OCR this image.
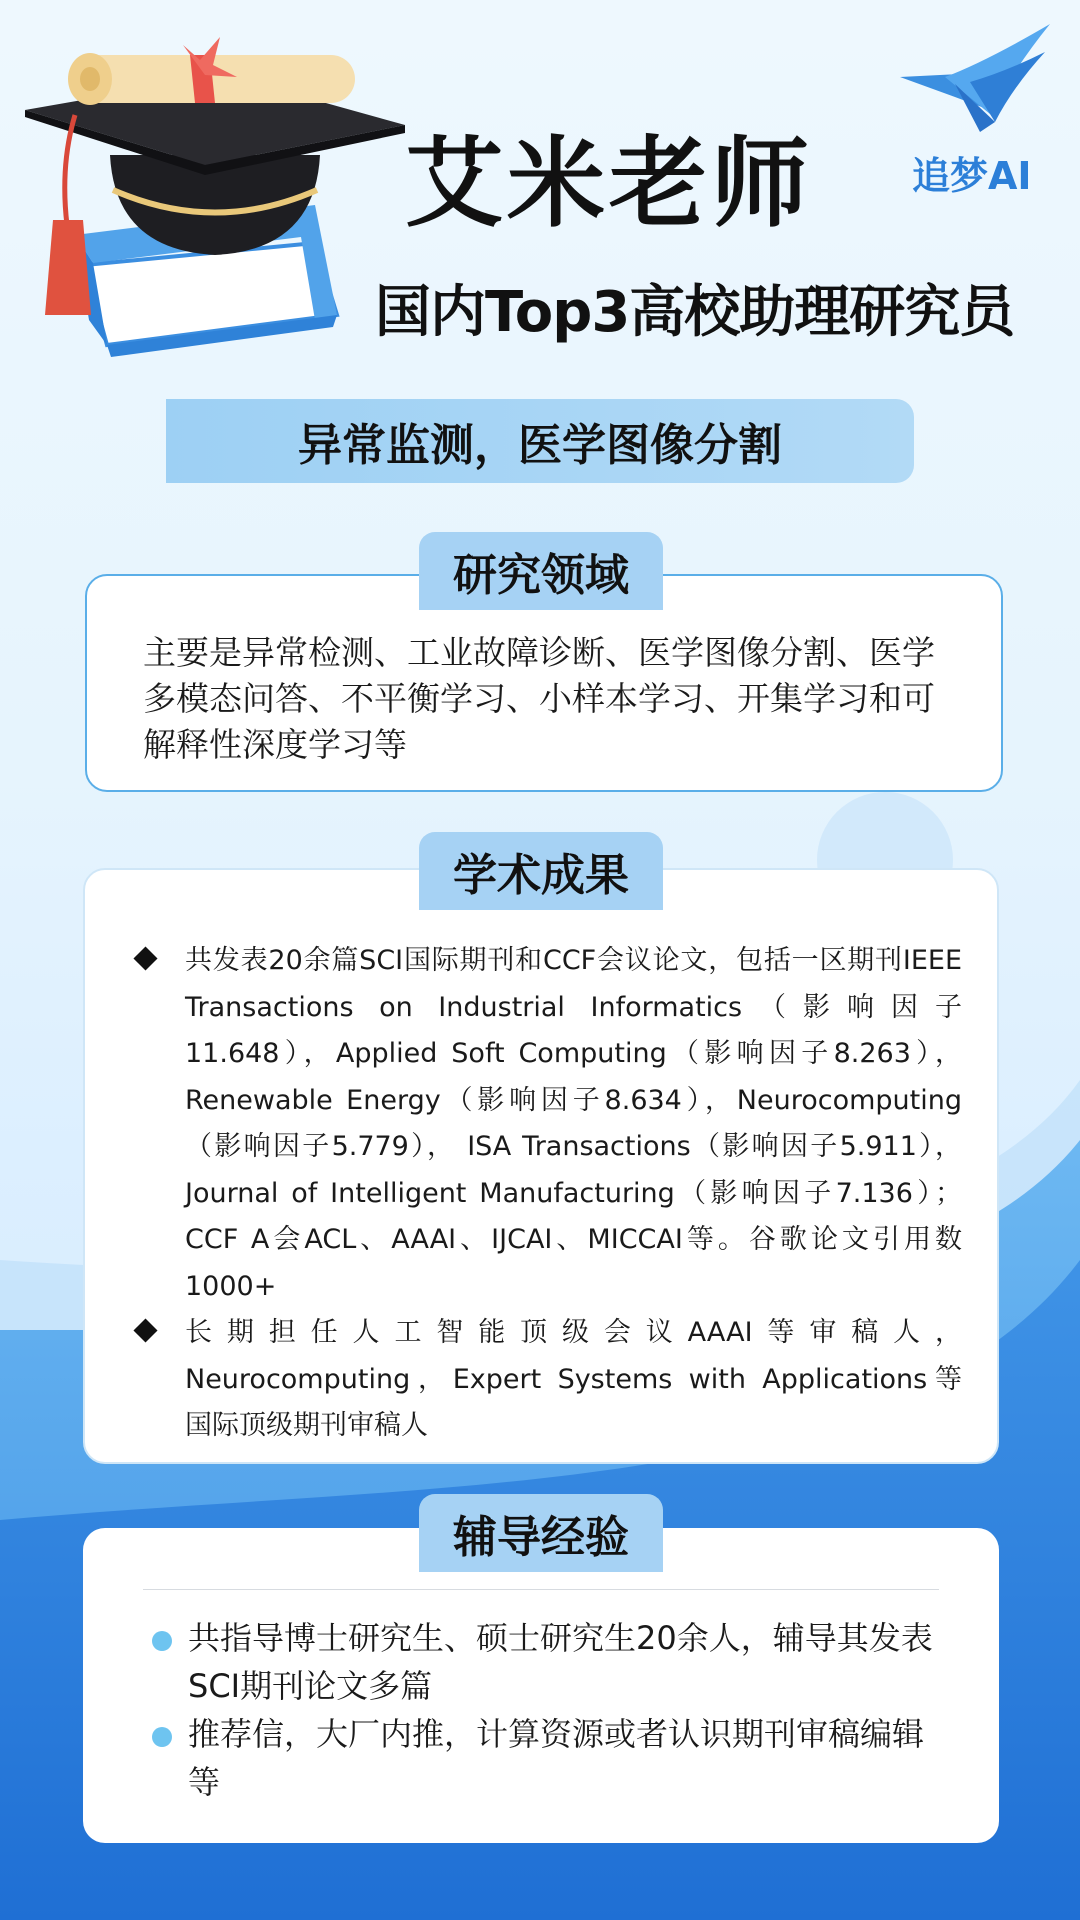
追梦AI
艾米老师
国内Top3高校助理研究员
异常监测，医学图像分割
研究领域
主要是异常检测、工业故障诊断、医学图像分割、医学
多模态问答、不平衡学习、小样本学习、开集学习和可
解释性深度学习等
学术成果
共发表20余篇SCI国际期刊和CCF会议论文，包括一区期刊IEEE
Transactions on Industrial Informatics（影响因子
11.648），Applied Soft Computing（影响因子8.263），
Renewable Energy（影响因子8.634），Neurocomputing
（影响因子5.779）， ISA Transactions（影响因子5.911），
Journal of Intelligent Manufacturing（影响因子7.136）；
CCF A会ACL、AAAI、IJCAI、MICCAI等。谷歌论文引用数
1000+
长期担任人工智能顶级会议AAAI等审稿人，
Neurocomputing，Expert Systems with Applications等
国际顶级期刊审稿人
辅导经验
共指导博士研究生、硕士研究生20余人，辅导其发表
SCI期刊论文多篇
推荐信，大厂内推，计算资源或者认识期刊审稿编辑
等
